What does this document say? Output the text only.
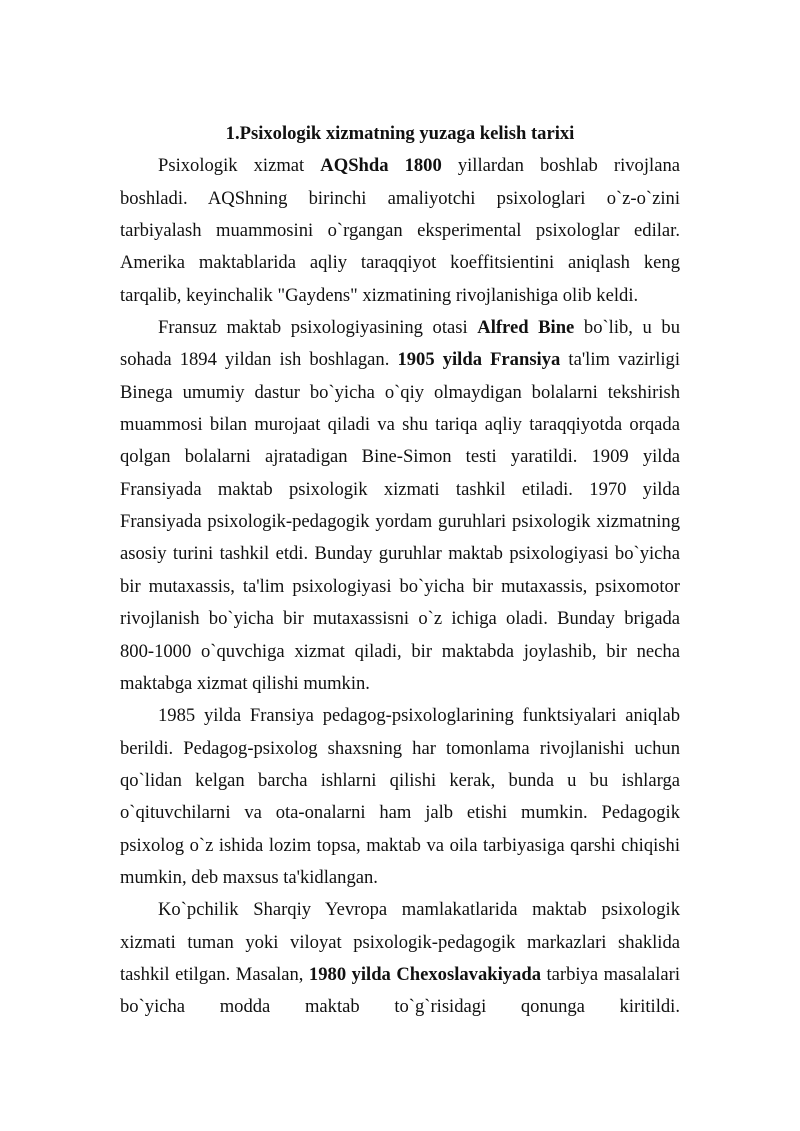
1.Psixologik xizmatning yuzaga kelish tarixi

Psixologik xizmat AQShda 1800 yillardan boshlab rivojlana boshladi. AQShning birinchi amaliyotchi psixologlari o`z-o`zini tarbiyalash muammosini o`rgangan eksperimental psixologlar edilar. Amerika maktablarida aqliy taraqqiyot koeffitsientini aniqlash keng tarqalib, keyinchalik "Gaydens" xizmatining rivojlanishiga olib keldi.

Fransuz maktab psixologiyasining otasi Alfred Bine bo`lib, u bu sohada 1894 yildan ish boshlagan. 1905 yilda Fransiya ta'lim vazirligi Binega umumiy dastur bo`yicha o`qiy olmaydigan bolalarni tekshirish muammosi bilan murojaat qiladi va shu tariqa aqliy taraqqiyotda orqada qolgan bolalarni ajratadigan Bine-Simon testi yaratildi. 1909 yilda Fransiyada maktab psixologik xizmati tashkil etiladi. 1970 yilda Fransiyada psixologik-pedagogik yordam guruhlari psixologik xizmatning asosiy turini tashkil etdi. Bunday guruhlar maktab psixologiyasi bo`yicha bir mutaxassis, ta'lim psixologiyasi bo`yicha bir mutaxassis, psixomotor rivojlanish bo`yicha bir mutaxassisni o`z ichiga oladi. Bunday brigada 800-1000 o`quvchiga xizmat qiladi, bir maktabda joylashib, bir necha maktabga xizmat qilishi mumkin.

1985 yilda Fransiya pedagog-psixologlarining funktsiyalari aniqlab berildi. Pedagog-psixolog shaxsning har tomonlama rivojlanishi uchun qo`lidan kelgan barcha ishlarni qilishi kerak, bunda u bu ishlarga o`qituvchilarni va ota-onalarni ham jalb etishi mumkin. Pedagogik psixolog o`z ishida lozim topsa, maktab va oila tarbiyasiga qarshi chiqishi mumkin, deb maxsus ta'kidlangan.

Ko`pchilik Sharqiy Yevropa mamlakatlarida maktab psixologik xizmati tuman yoki viloyat psixologik-pedagogik markazlari shaklida tashkil etilgan. Masalan, 1980 yilda Chexoslavakiyada tarbiya masalalari bo`yicha modda maktab to`g`risidagi qonunga kiritildi.
